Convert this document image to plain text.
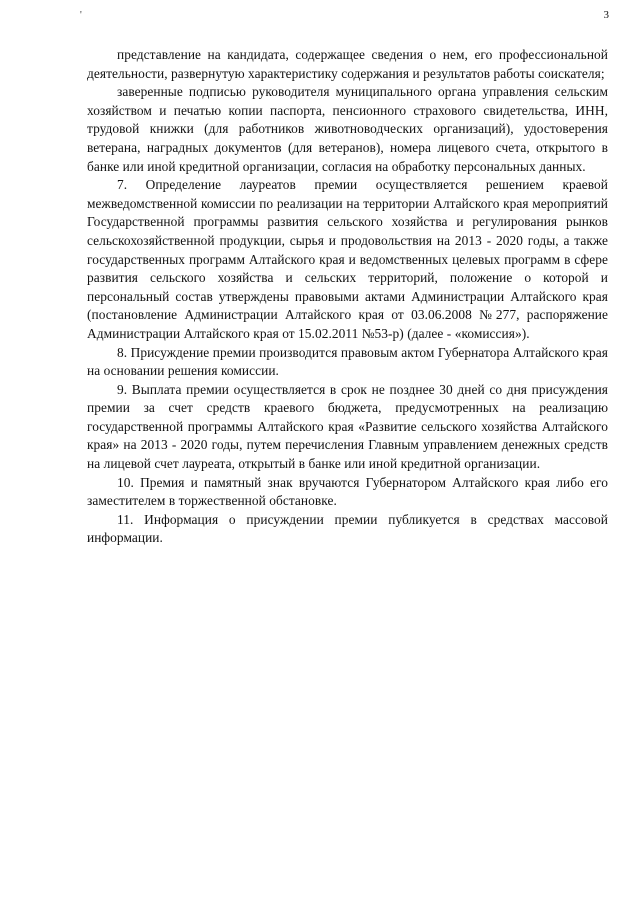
'	3

представление на кандидата, содержащее сведения о нем, его профессиональной деятельности, развернутую характеристику содержания и результатов работы соискателя;

заверенные подписью руководителя муниципального органа управления сельским хозяйством и печатью копии паспорта, пенсионного страхового свидетельства, ИНН, трудовой книжки (для работников животноводческих организаций), удостоверения ветерана, наградных документов (для ветеранов), номера лицевого счета, открытого в банке или иной кредитной организации, согласия на обработку персональных данных.

7. Определение лауреатов премии осуществляется решением краевой межведомственной комиссии по реализации на территории Алтайского края мероприятий Государственной программы развития сельского хозяйства и регулирования рынков сельскохозяйственной продукции, сырья и продовольствия на 2013 - 2020 годы, а также государственных программ Алтайского края и ведомственных целевых программ в сфере развития сельского хозяйства и сельских территорий, положение о которой и персональный состав утверждены правовыми актами Администрации Алтайского края (постановление Администрации Алтайского края от 03.06.2008 №277, распоряжение Администрации Алтайского края от 15.02.2011 №53-р) (далее - «комиссия»).

8. Присуждение премии производится правовым актом Губернатора Алтайского края на основании решения комиссии.

9. Выплата премии осуществляется в срок не позднее 30 дней со дня присуждения премии за счет средств краевого бюджета, предусмотренных на реализацию государственной программы Алтайского края «Развитие сельского хозяйства Алтайского края» на 2013 - 2020 годы, путем перечисления Главным управлением денежных средств на лицевой счет лауреата, открытый в банке или иной кредитной организации.

10. Премия и памятный знак вручаются Губернатором Алтайского края либо его заместителем в торжественной обстановке.

11. Информация о присуждении премии публикуется в средствах массовой информации.
